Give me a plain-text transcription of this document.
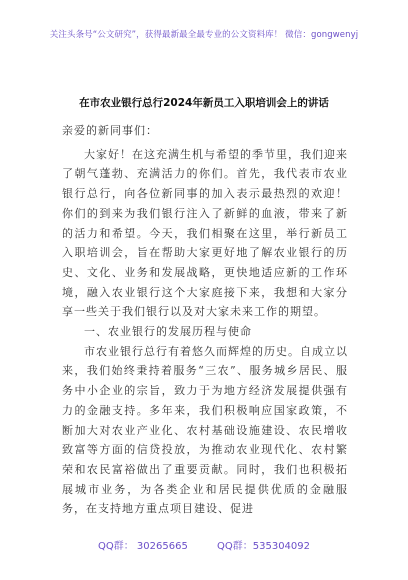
关注头条号“公文研究”，获得最新最全最专业的公文资料库！ 微信：gongwenyj
在市农业银行总行2024年新员工入职培训会上的讲话

亲爱的新同事们：

大家好！在这充满生机与希望的季节里，我们迎来了朝气蓬勃、充满活力的你们。首先，我代表市农业银行总行，向各位新同事的加入表示最热烈的欢迎！你们的到来为我们银行注入了新鲜的血液，带来了新的活力和希望。今天，我们相聚在这里，举行新员工入职培训会，旨在帮助大家更好地了解农业银行的历史、文化、业务和发展战略，更快地适应新的工作环境，融入农业银行这个大家庭接下来，我想和大家分享一些关于我们银行以及对大家未来工作的期望。

一、农业银行的发展历程与使命

市农业银行总行有着悠久而辉煌的历史。自成立以来，我们始终秉持着服务“三农”、服务城乡居民、服务中小企业的宗旨，致力于为地方经济发展提供强有力的金融支持。多年来，我们积极响应国家政策，不断加大对农业产业化、农村基础设施建设、农民增收致富等方面的信贷投放，为推动农业现代化、农村繁荣和农民富裕做出了重要贡献。同时，我们也积极拓展城市业务，为各类企业和居民提供优质的金融服务，在支持地方重点项目建设、促进

QQ群： 30265665	QQ群：535304092
